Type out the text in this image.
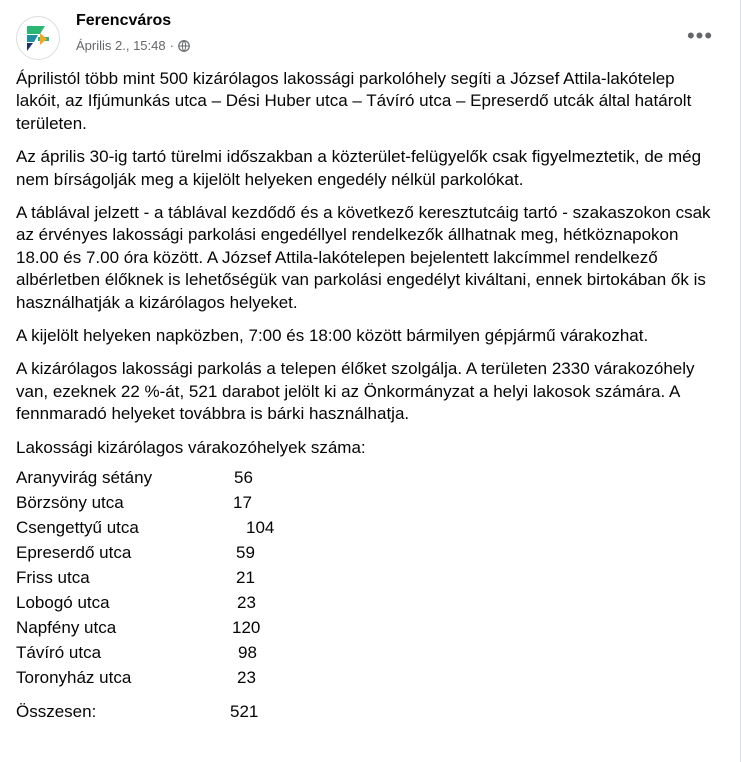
Ferencváros
Április 2., 15:48 ·	•••

Áprilistól több mint 500 kizárólagos lakossági parkolóhely segíti a József Attila-lakótelep lakóit, az Ifjúmunkás utca – Dési Huber utca – Távíró utca – Epreserdő utcák által határolt területen.

Az április 30-ig tartó türelmi időszakban a közterület-felügyelők csak figyelmeztetik, de még nem bírságolják meg a kijelölt helyeken engedély nélkül parkolókat.

A táblával jelzett - a táblával kezdődő és a következő keresztutcáig tartó - szakaszokon csak az érvényes lakossági parkolási engedéllyel rendelkezők állhatnak meg, hétköznapokon 18.00 és 7.00 óra között. A József Attila-lakótelepen bejelentett lakcímmel rendelkező albérletben élőknek is lehetőségük van parkolási engedélyt kiváltani, ennek birtokában ők is használhatják a kizárólagos helyeket.

A kijelölt helyeken napközben, 7:00 és 18:00 között bármilyen gépjármű várakozhat.

A kizárólagos lakossági parkolás a telepen élőket szolgálja. A területen 2330 várakozóhely van, ezeknek 22 %-át, 521 darabot jelölt ki az Önkormányzat a helyi lakosok számára. A fennmaradó helyeket továbbra is bárki használhatja.

Lakossági kizárólagos várakozóhelyek száma:

Aranyvirág sétány	56
Börzsöny utca	17
Csengettyű utca	104
Epreserdő utca	59
Friss utca	21
Lobogó utca	23
Napfény utca	120
Távíró utca	98
Toronyház utca	23
Összesen:	521
